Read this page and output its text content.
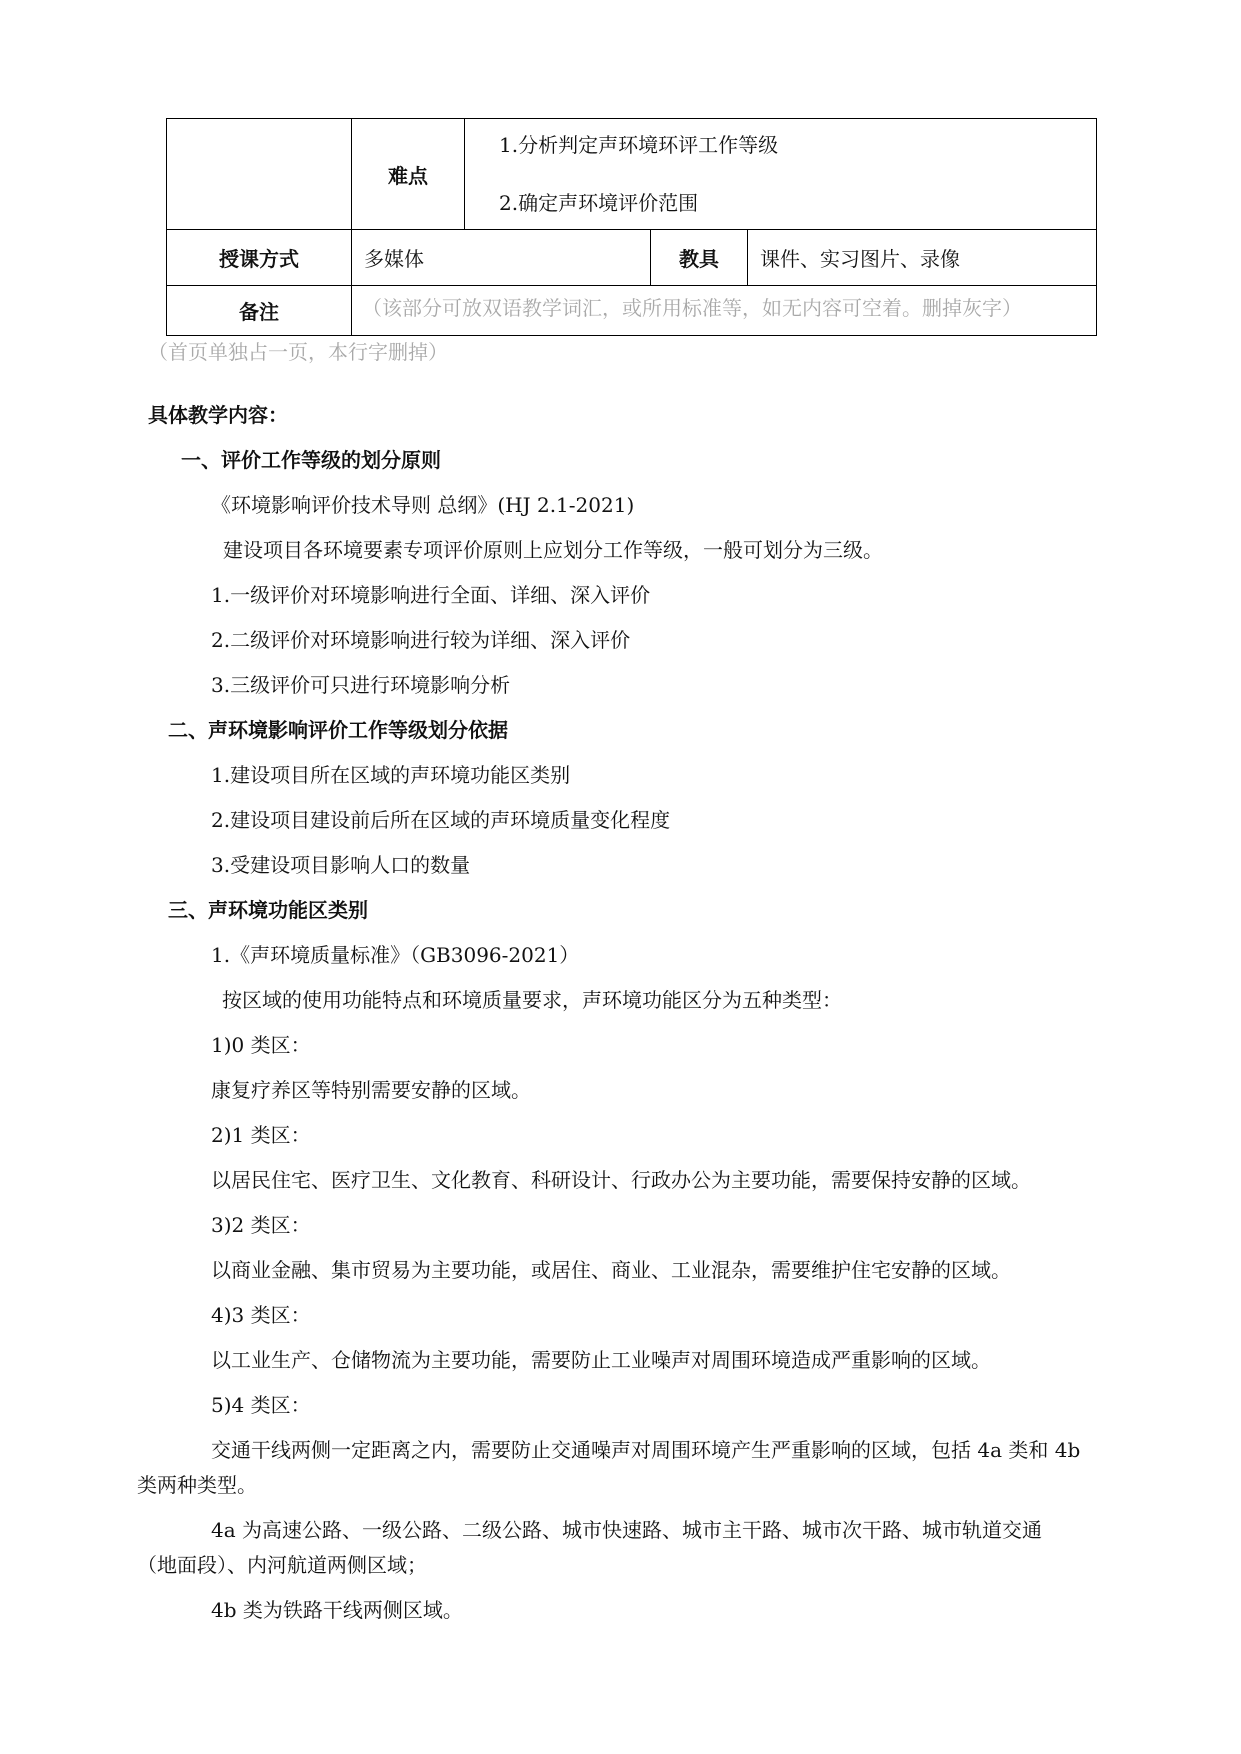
	难点	1.分析判定声环境环评工作等级
2.确定声环境评价范围		

授课方式	多媒体		教具	课件、实习图片、录像
备注	（该部分可放双语教学词汇，或所用标准等，如无内容可空着。删掉灰字）			
（首页单独占一页，本行字删掉）
具体教学内容：
一、评价工作等级的划分原则
《环境影响评价技术导则 总纲》(HJ 2.1-2021)
建设项目各环境要素专项评价原则上应划分工作等级，一般可划分为三级。
1.一级评价对环境影响进行全面、详细、深入评价
2.二级评价对环境影响进行较为详细、深入评价
3.三级评价可只进行环境影响分析
二、声环境影响评价工作等级划分依据
1.建设项目所在区域的声环境功能区类别
2.建设项目建设前后所在区域的声环境质量变化程度
3.受建设项目影响人口的数量
三、声环境功能区类别
1.《声环境质量标准》（GB3096-2021）
按区域的使用功能特点和环境质量要求，声环境功能区分为五种类型：
1)0 类区：
康复疗养区等特别需要安静的区域。
2)1 类区：
以居民住宅、医疗卫生、文化教育、科研设计、行政办公为主要功能，需要保持安静的区域。
3)2 类区：
以商业金融、集市贸易为主要功能，或居住、商业、工业混杂，需要维护住宅安静的区域。
4)3 类区：
以工业生产、仓储物流为主要功能，需要防止工业噪声对周围环境造成严重影响的区域。
5)4 类区：
交通干线两侧一定距离之内，需要防止交通噪声对周围环境产生严重影响的区域，包括 4a 类和 4b
类两种类型。
4a 为高速公路、一级公路、二级公路、城市快速路、城市主干路、城市次干路、城市轨道交通
（地面段）、内河航道两侧区域；
4b 类为铁路干线两侧区域。
